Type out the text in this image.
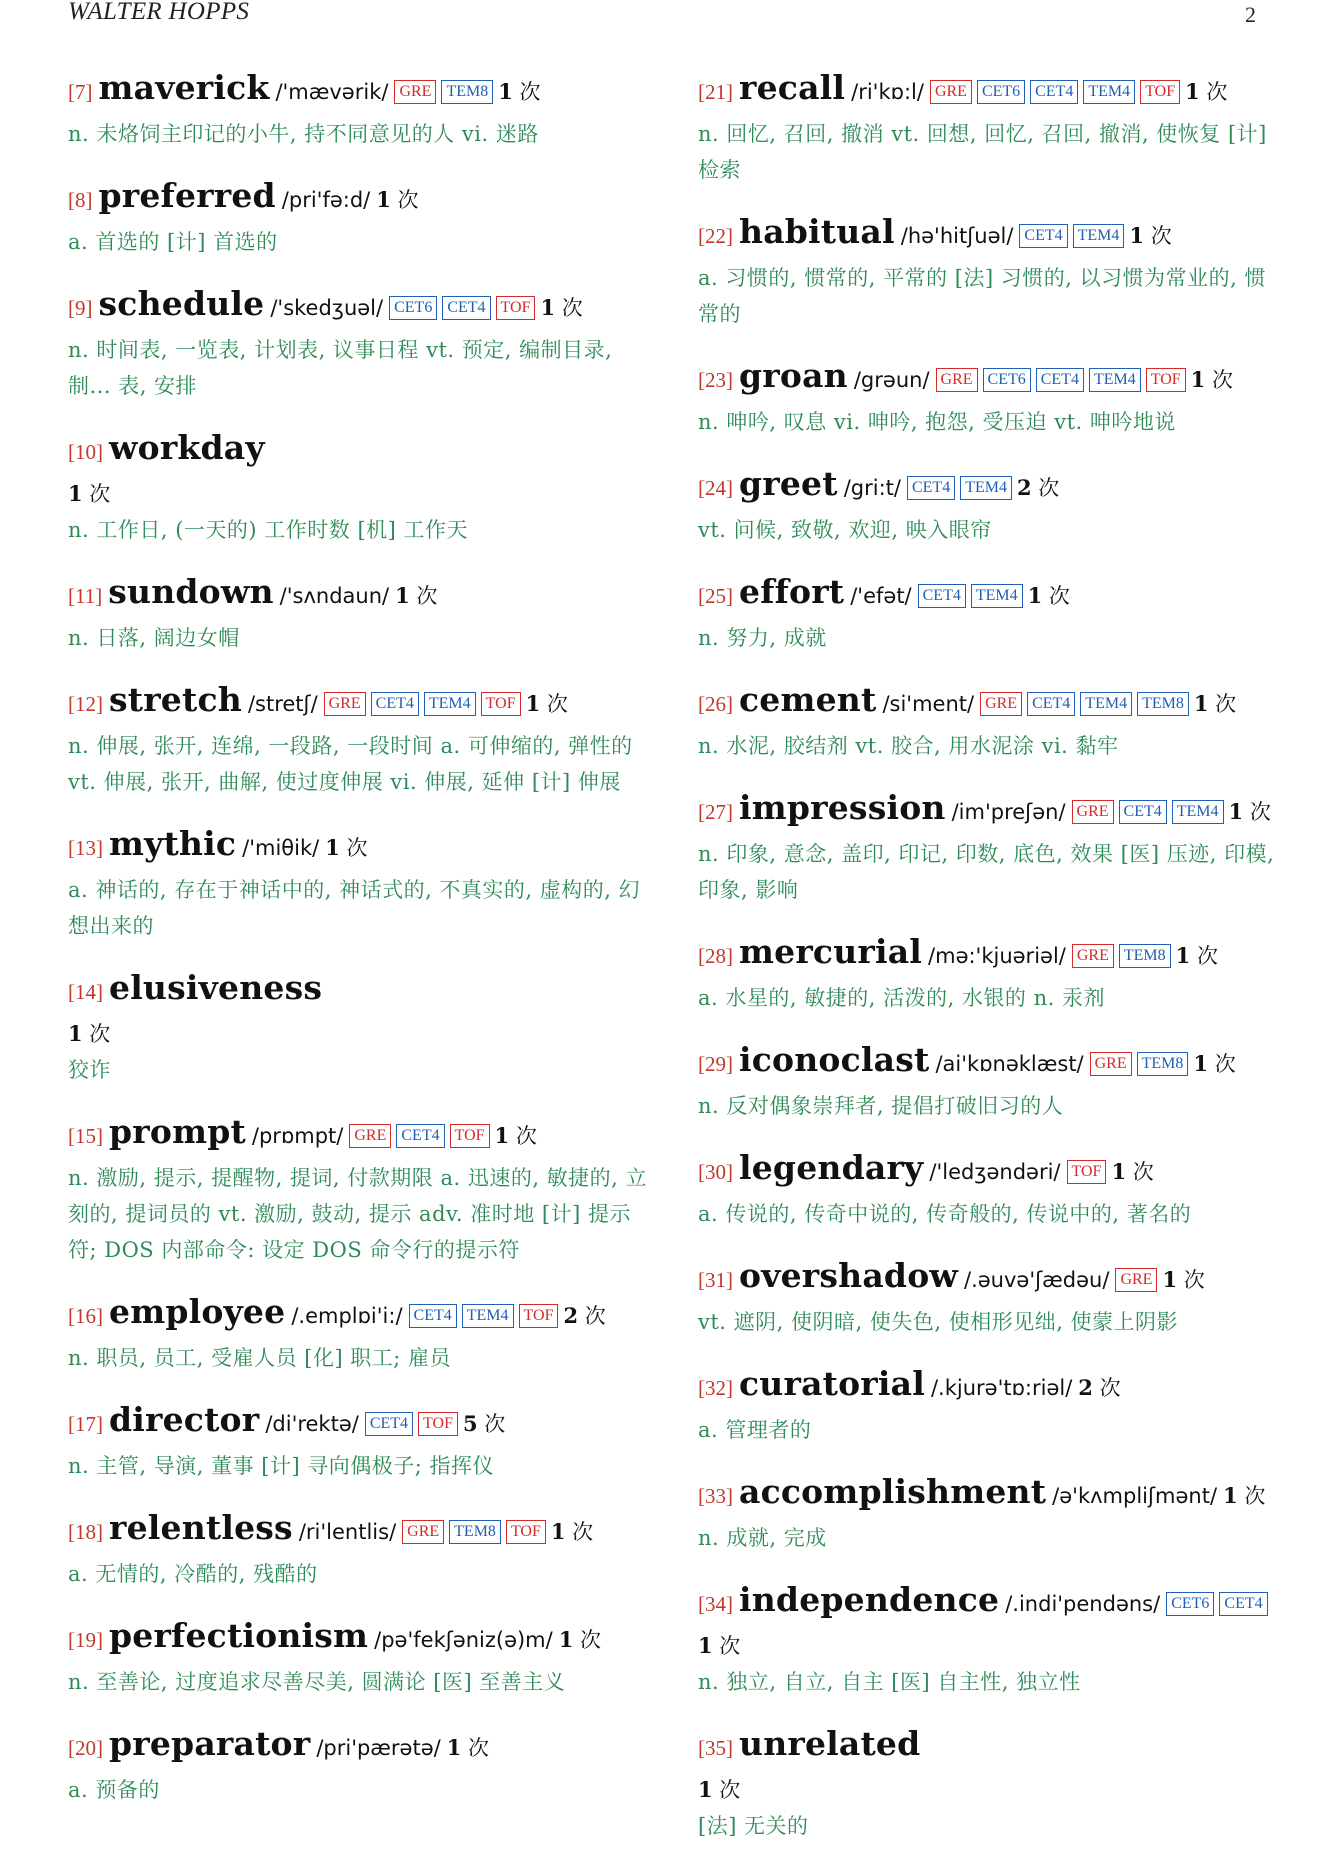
WALTER HOPPS	2
[7] maverick /'mævərik/ GRE TEM8 1 次
n. 未烙饲主印记的小牛, 持不同意见的人 vi. 迷路
[8] preferred /pri'fə:d/ 1 次
a. 首选的 [计] 首选的
[9] schedule /'skedʒuəl/ CET6 CET4 TOF 1 次
n. 时间表, 一览表, 计划表, 议事日程 vt. 预定, 编制目录, 制... 表, 安排
[10] workday
1 次
n. 工作日, (一天的) 工作时数 [机] 工作天
[11] sundown /'sʌndaun/ 1 次
n. 日落, 阔边女帽
[12] stretch /stretʃ/ GRE CET4 TEM4 TOF 1 次
n. 伸展, 张开, 连绵, 一段路, 一段时间 a. 可伸缩的, 弹性的 vt. 伸展, 张开, 曲解, 使过度伸展 vi. 伸展, 延伸 [计] 伸展
[13] mythic /'miθik/ 1 次
a. 神话的, 存在于神话中的, 神话式的, 不真实的, 虚构的, 幻想出来的
[14] elusiveness
1 次
狡诈
[15] prompt /prɒmpt/ GRE CET4 TOF 1 次
n. 激励, 提示, 提醒物, 提词, 付款期限 a. 迅速的, 敏捷的, 立刻的, 提词员的 vt. 激励, 鼓动, 提示 adv. 准时地 [计] 提示符; DOS 内部命令: 设定 DOS 命令行的提示符
[16] employee /.emplɒi'i:/ CET4 TEM4 TOF 2 次
n. 职员, 员工, 受雇人员 [化] 职工; 雇员
[17] director /di'rektə/ CET4 TOF 5 次
n. 主管, 导演, 董事 [计] 寻向偶极子; 指挥仪
[18] relentless /ri'lentlis/ GRE TEM8 TOF 1 次
a. 无情的, 冷酷的, 残酷的
[19] perfectionism /pə'fekʃəniz(ə)m/ 1 次
n. 至善论, 过度追求尽善尽美, 圆满论 [医] 至善主义
[20] preparator /pri'pærətə/ 1 次
a. 预备的
[21] recall /ri'kɒ:l/ GRE CET6 CET4 TEM4 TOF 1 次
n. 回忆, 召回, 撤消 vt. 回想, 回忆, 召回, 撤消, 使恢复 [计] 检索
[22] habitual /hə'hitʃuəl/ CET4 TEM4 1 次
a. 习惯的, 惯常的, 平常的 [法] 习惯的, 以习惯为常业的, 惯常的
[23] groan /grəun/ GRE CET6 CET4 TEM4 TOF 1 次
n. 呻吟, 叹息 vi. 呻吟, 抱怨, 受压迫 vt. 呻吟地说
[24] greet /gri:t/ CET4 TEM4 2 次
vt. 问候, 致敬, 欢迎, 映入眼帘
[25] effort /'efət/ CET4 TEM4 1 次
n. 努力, 成就
[26] cement /si'ment/ GRE CET4 TEM4 TEM8 1 次
n. 水泥, 胶结剂 vt. 胶合, 用水泥涂 vi. 黏牢
[27] impression /im'preʃən/ GRE CET4 TEM4 1 次
n. 印象, 意念, 盖印, 印记, 印数, 底色, 效果 [医] 压迹, 印模, 印象, 影响
[28] mercurial /mə:'kjuəriəl/ GRE TEM8 1 次
a. 水星的, 敏捷的, 活泼的, 水银的 n. 汞剂
[29] iconoclast /ai'kɒnəklæst/ GRE TEM8 1 次
n. 反对偶象崇拜者, 提倡打破旧习的人
[30] legendary /'ledʒəndəri/ TOF 1 次
a. 传说的, 传奇中说的, 传奇般的, 传说中的, 著名的
[31] overshadow /.əuvə'ʃædəu/ GRE 1 次
vt. 遮阴, 使阴暗, 使失色, 使相形见绌, 使蒙上阴影
[32] curatorial /.kjurə'tɒ:riəl/ 2 次
a. 管理者的
[33] accomplishment /ə'kʌmpliʃmənt/ 1 次
n. 成就, 完成
[34] independence /.indi'pendəns/ CET6 CET4
1 次
n. 独立, 自立, 自主 [医] 自主性, 独立性
[35] unrelated
1 次
[法] 无关的
